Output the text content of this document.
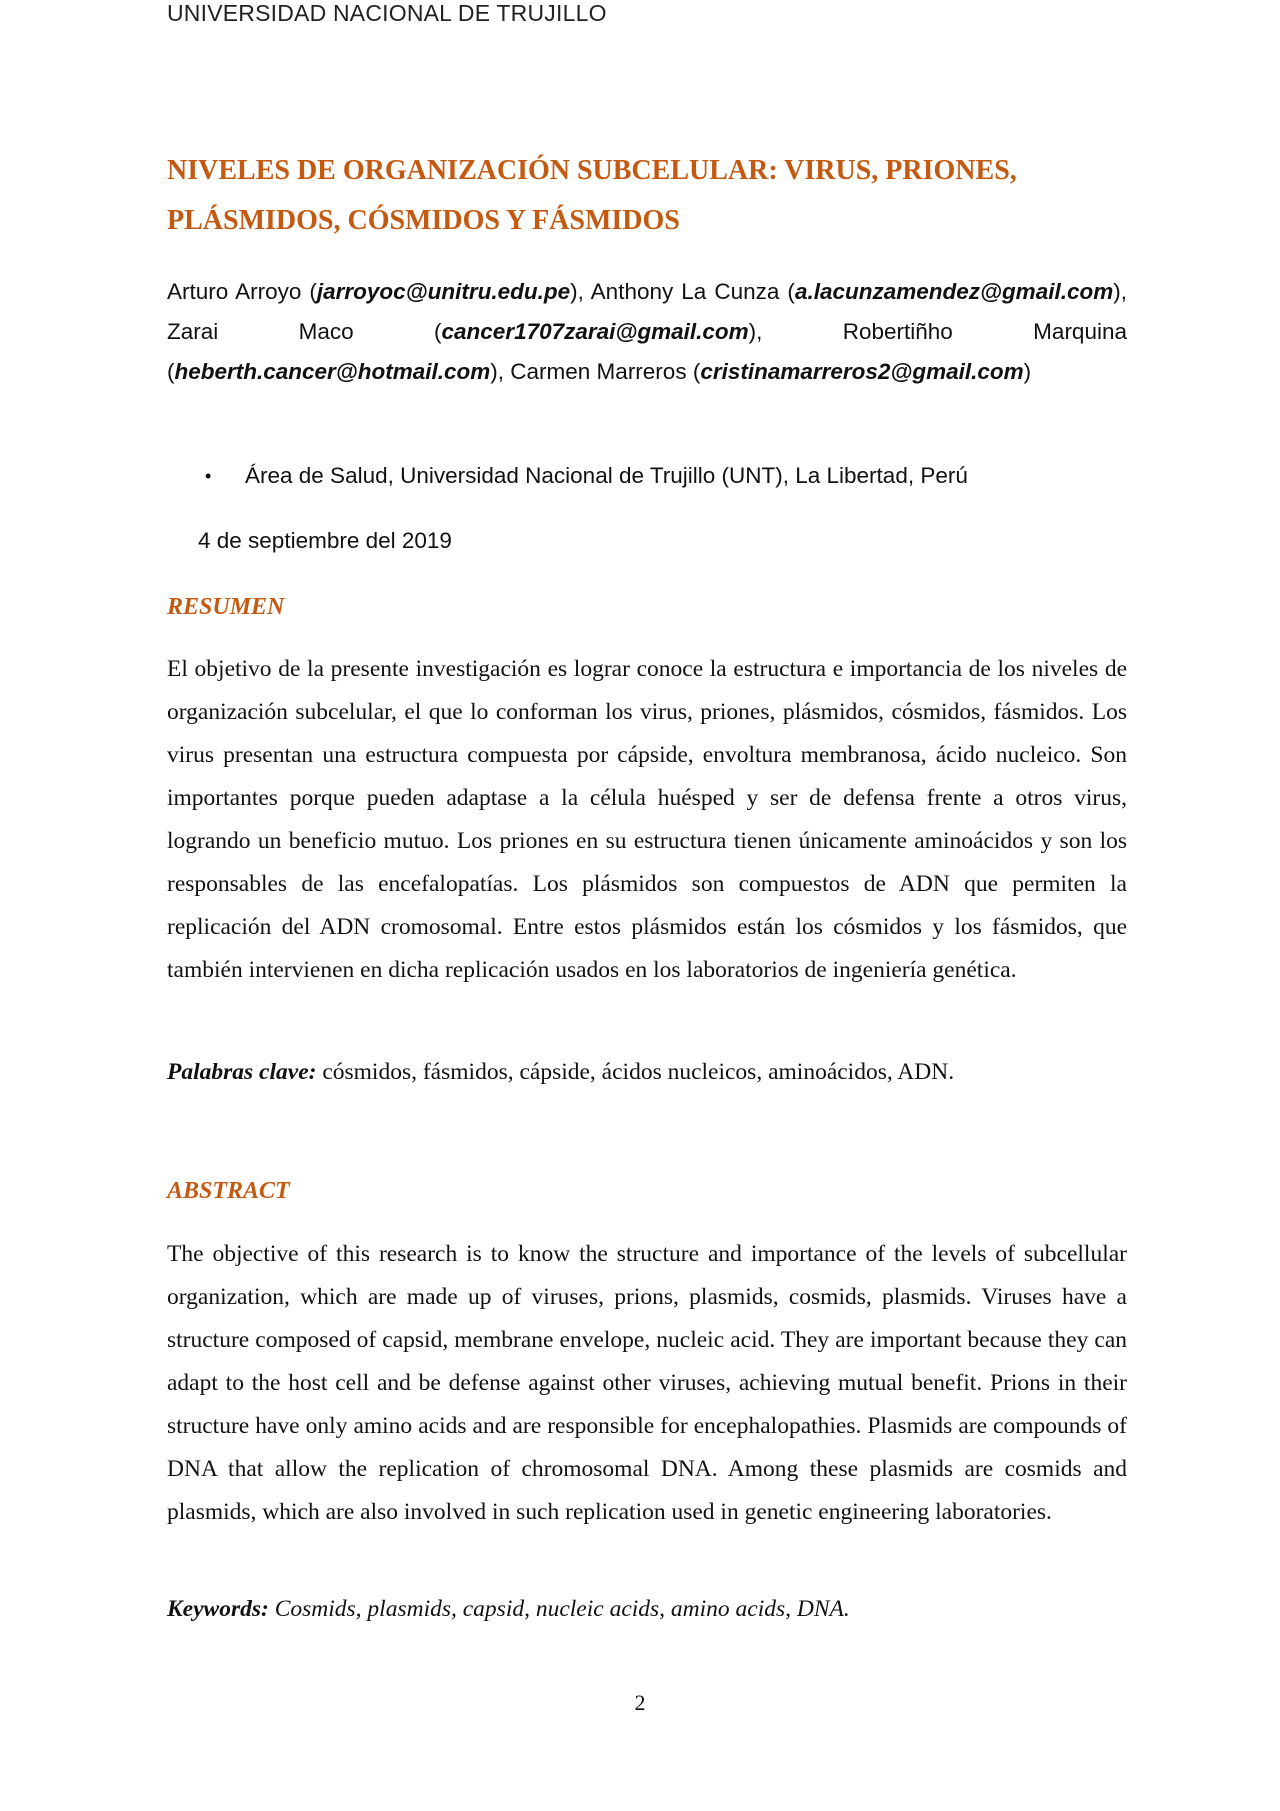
UNIVERSIDAD NACIONAL DE TRUJILLO
NIVELES DE ORGANIZACIÓN SUBCELULAR: VIRUS, PRIONES,
PLÁSMIDOS, CÓSMIDOS Y FÁSMIDOS

Arturo Arroyo (jarroyoc@unitru.edu.pe), Anthony La Cunza (a.lacunzamendez@gmail.com), Zarai Maco (cancer1707zarai@gmail.com), Robertiñho Marquina (heberth.cancer@hotmail.com), Carmen Marreros (cristinamarreros2@gmail.com)

•	Área de Salud, Universidad Nacional de Trujillo (UNT), La Libertad, Perú
4 de septiembre del 2019
RESUMEN

El objetivo de la presente investigación es lograr conoce la estructura e importancia de los niveles de organización subcelular, el que lo conforman los virus, priones, plásmidos, cósmidos, fásmidos. Los virus presentan una estructura compuesta por cápside, envoltura membranosa, ácido nucleico. Son importantes porque pueden adaptase a la célula huésped y ser de defensa frente a otros virus, logrando un beneficio mutuo. Los priones en su estructura tienen únicamente aminoácidos y son los responsables de las encefalopatías. Los plásmidos son compuestos de ADN que permiten la replicación del ADN cromosomal. Entre estos plásmidos están los cósmidos y los fásmidos, que también intervienen en dicha replicación usados en los laboratorios de ingeniería genética.

Palabras clave: cósmidos, fásmidos, cápside, ácidos nucleicos, aminoácidos, ADN.

ABSTRACT

The objective of this research is to know the structure and importance of the levels of subcellular organization, which are made up of viruses, prions, plasmids, cosmids, plasmids. Viruses have a structure composed of capsid, membrane envelope, nucleic acid. They are important because they can adapt to the host cell and be defense against other viruses, achieving mutual benefit. Prions in their structure have only amino acids and are responsible for encephalopathies. Plasmids are compounds of DNA that allow the replication of chromosomal DNA. Among these plasmids are cosmids and plasmids, which are also involved in such replication used in genetic engineering laboratories.

Keywords: Cosmids, plasmids, capsid, nucleic acids, amino acids, DNA.

2
